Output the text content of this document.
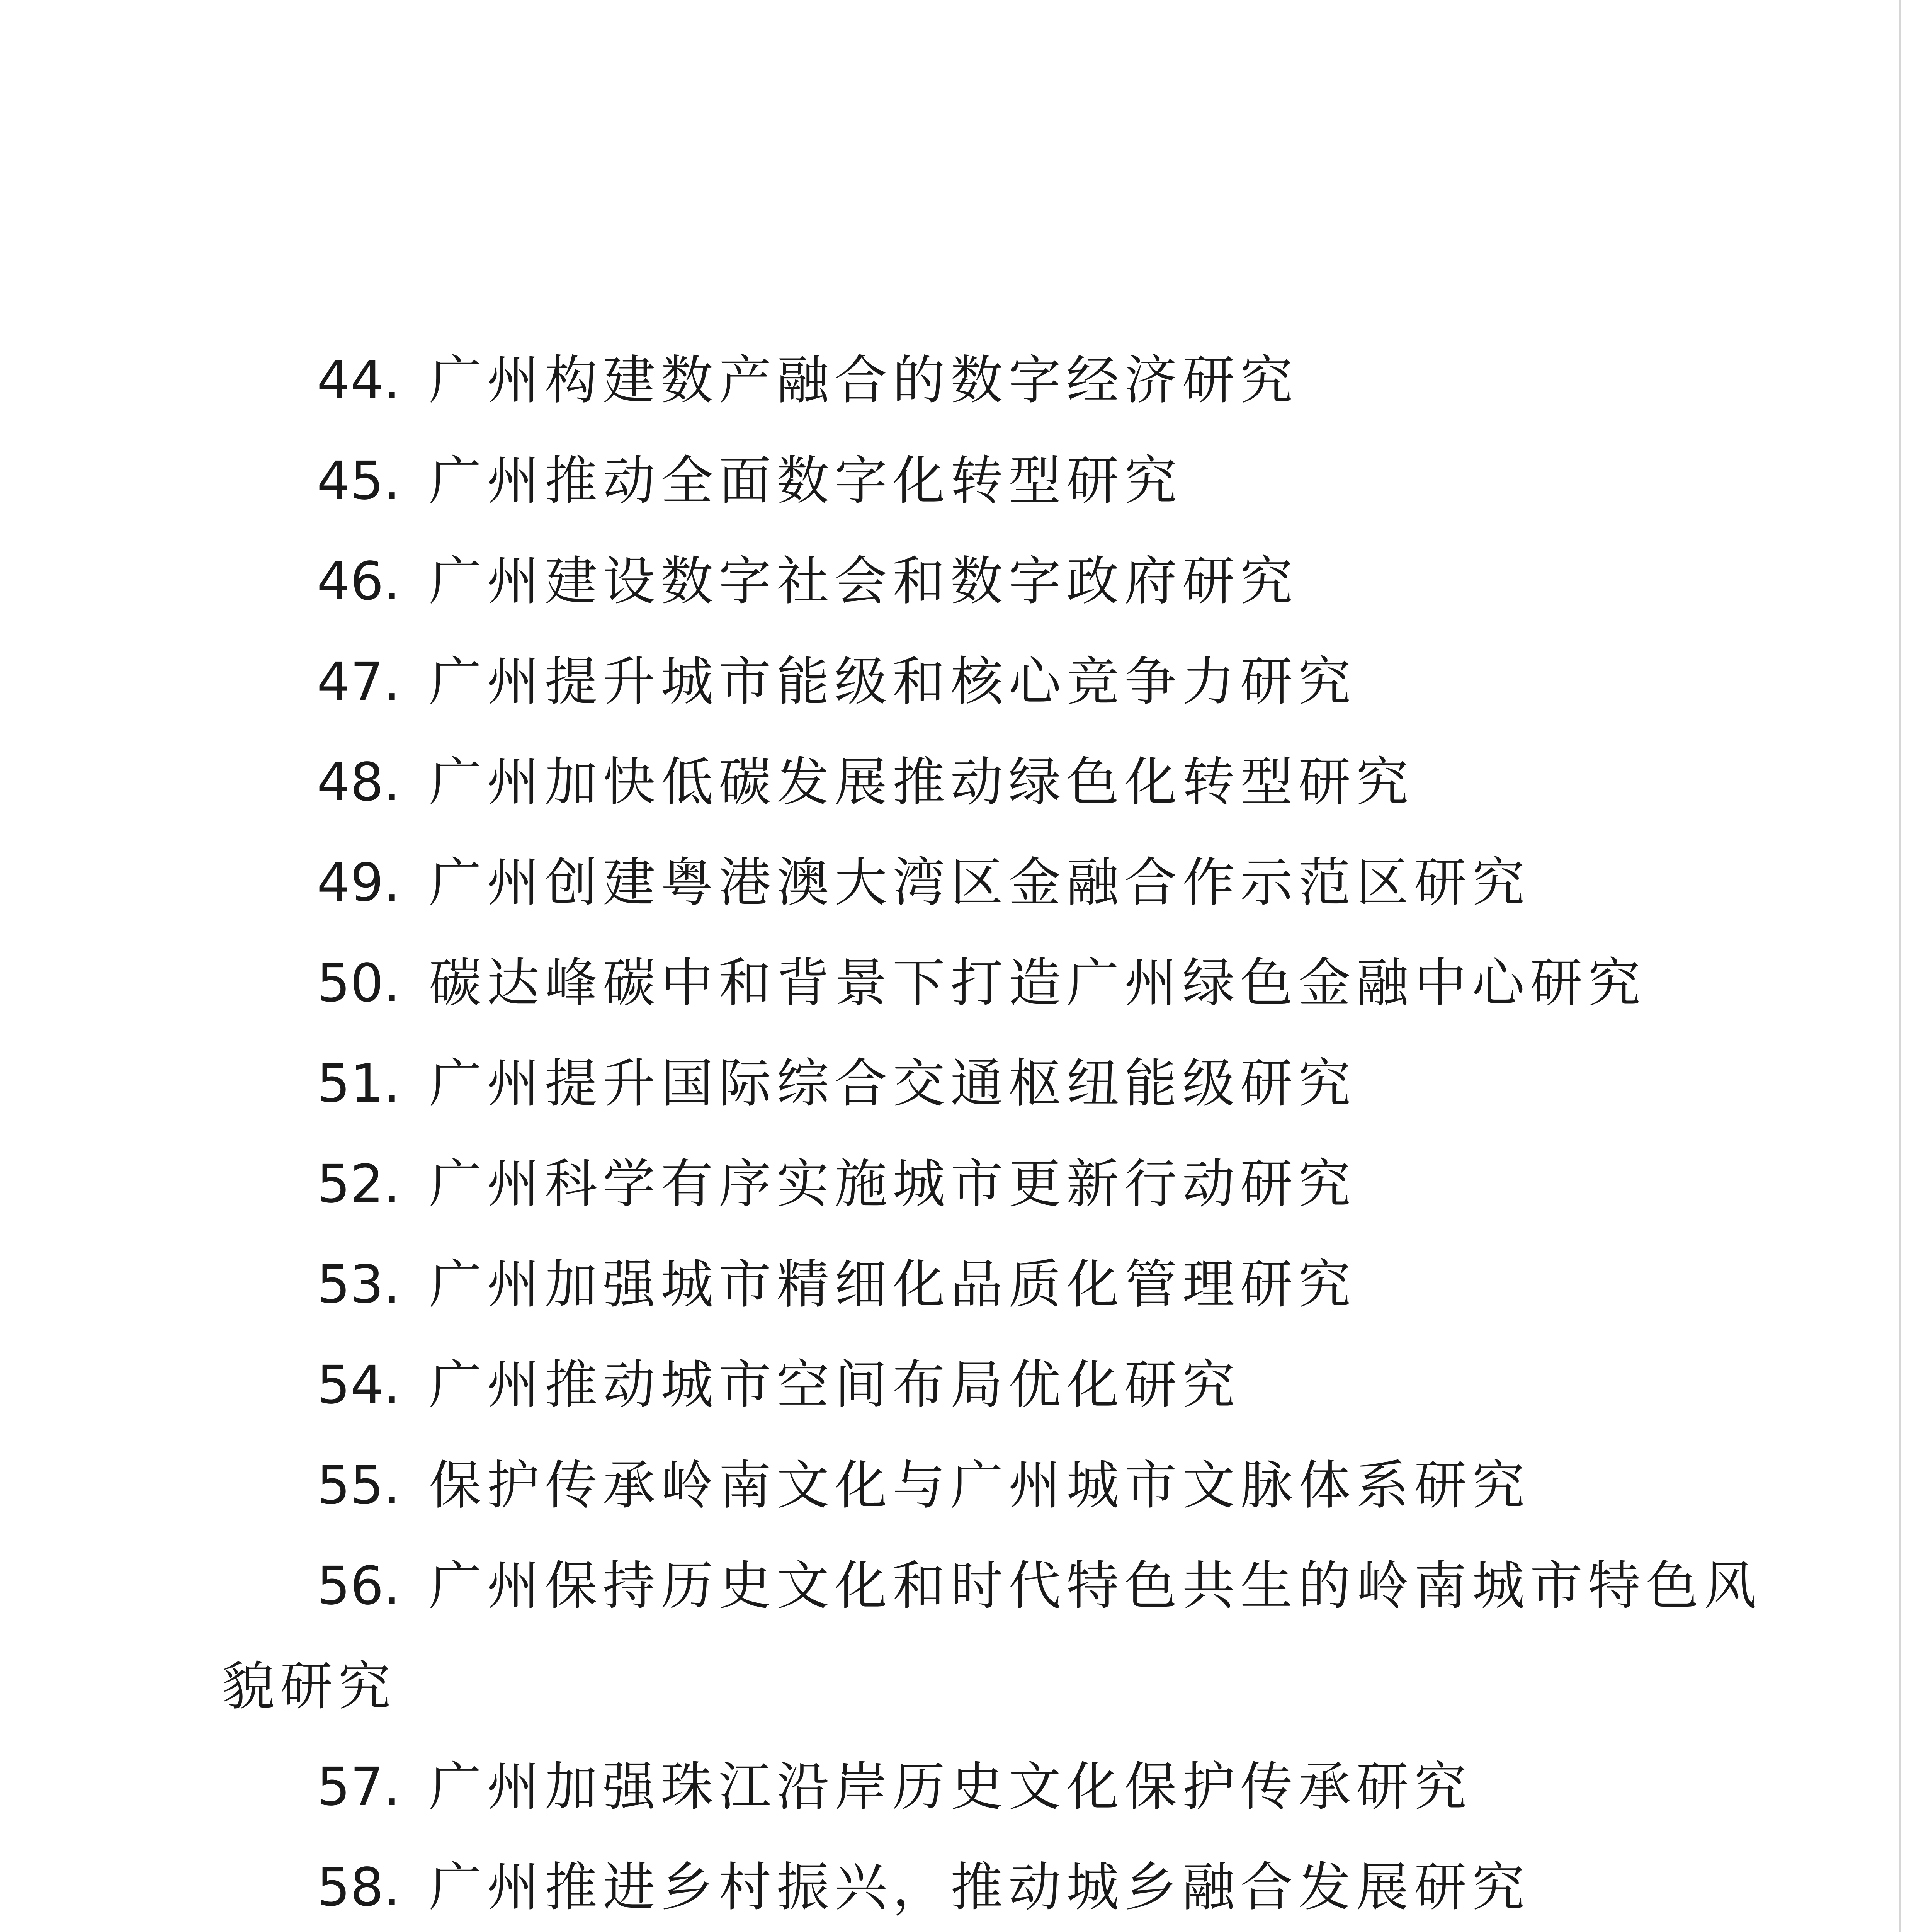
44. 广州构建数产融合的数字经济研究
45. 广州推动全面数字化转型研究
46. 广州建设数字社会和数字政府研究
47. 广州提升城市能级和核心竞争力研究
48. 广州加快低碳发展推动绿色化转型研究
49. 广州创建粤港澳大湾区金融合作示范区研究
50. 碳达峰碳中和背景下打造广州绿色金融中心研究
51. 广州提升国际综合交通枢纽能级研究
52. 广州科学有序实施城市更新行动研究
53. 广州加强城市精细化品质化管理研究
54. 广州推动城市空间布局优化研究
55. 保护传承岭南文化与广州城市文脉体系研究
56. 广州保持历史文化和时代特色共生的岭南城市特色风
貌研究
57. 广州加强珠江沿岸历史文化保护传承研究
58. 广州推进乡村振兴，推动城乡融合发展研究
